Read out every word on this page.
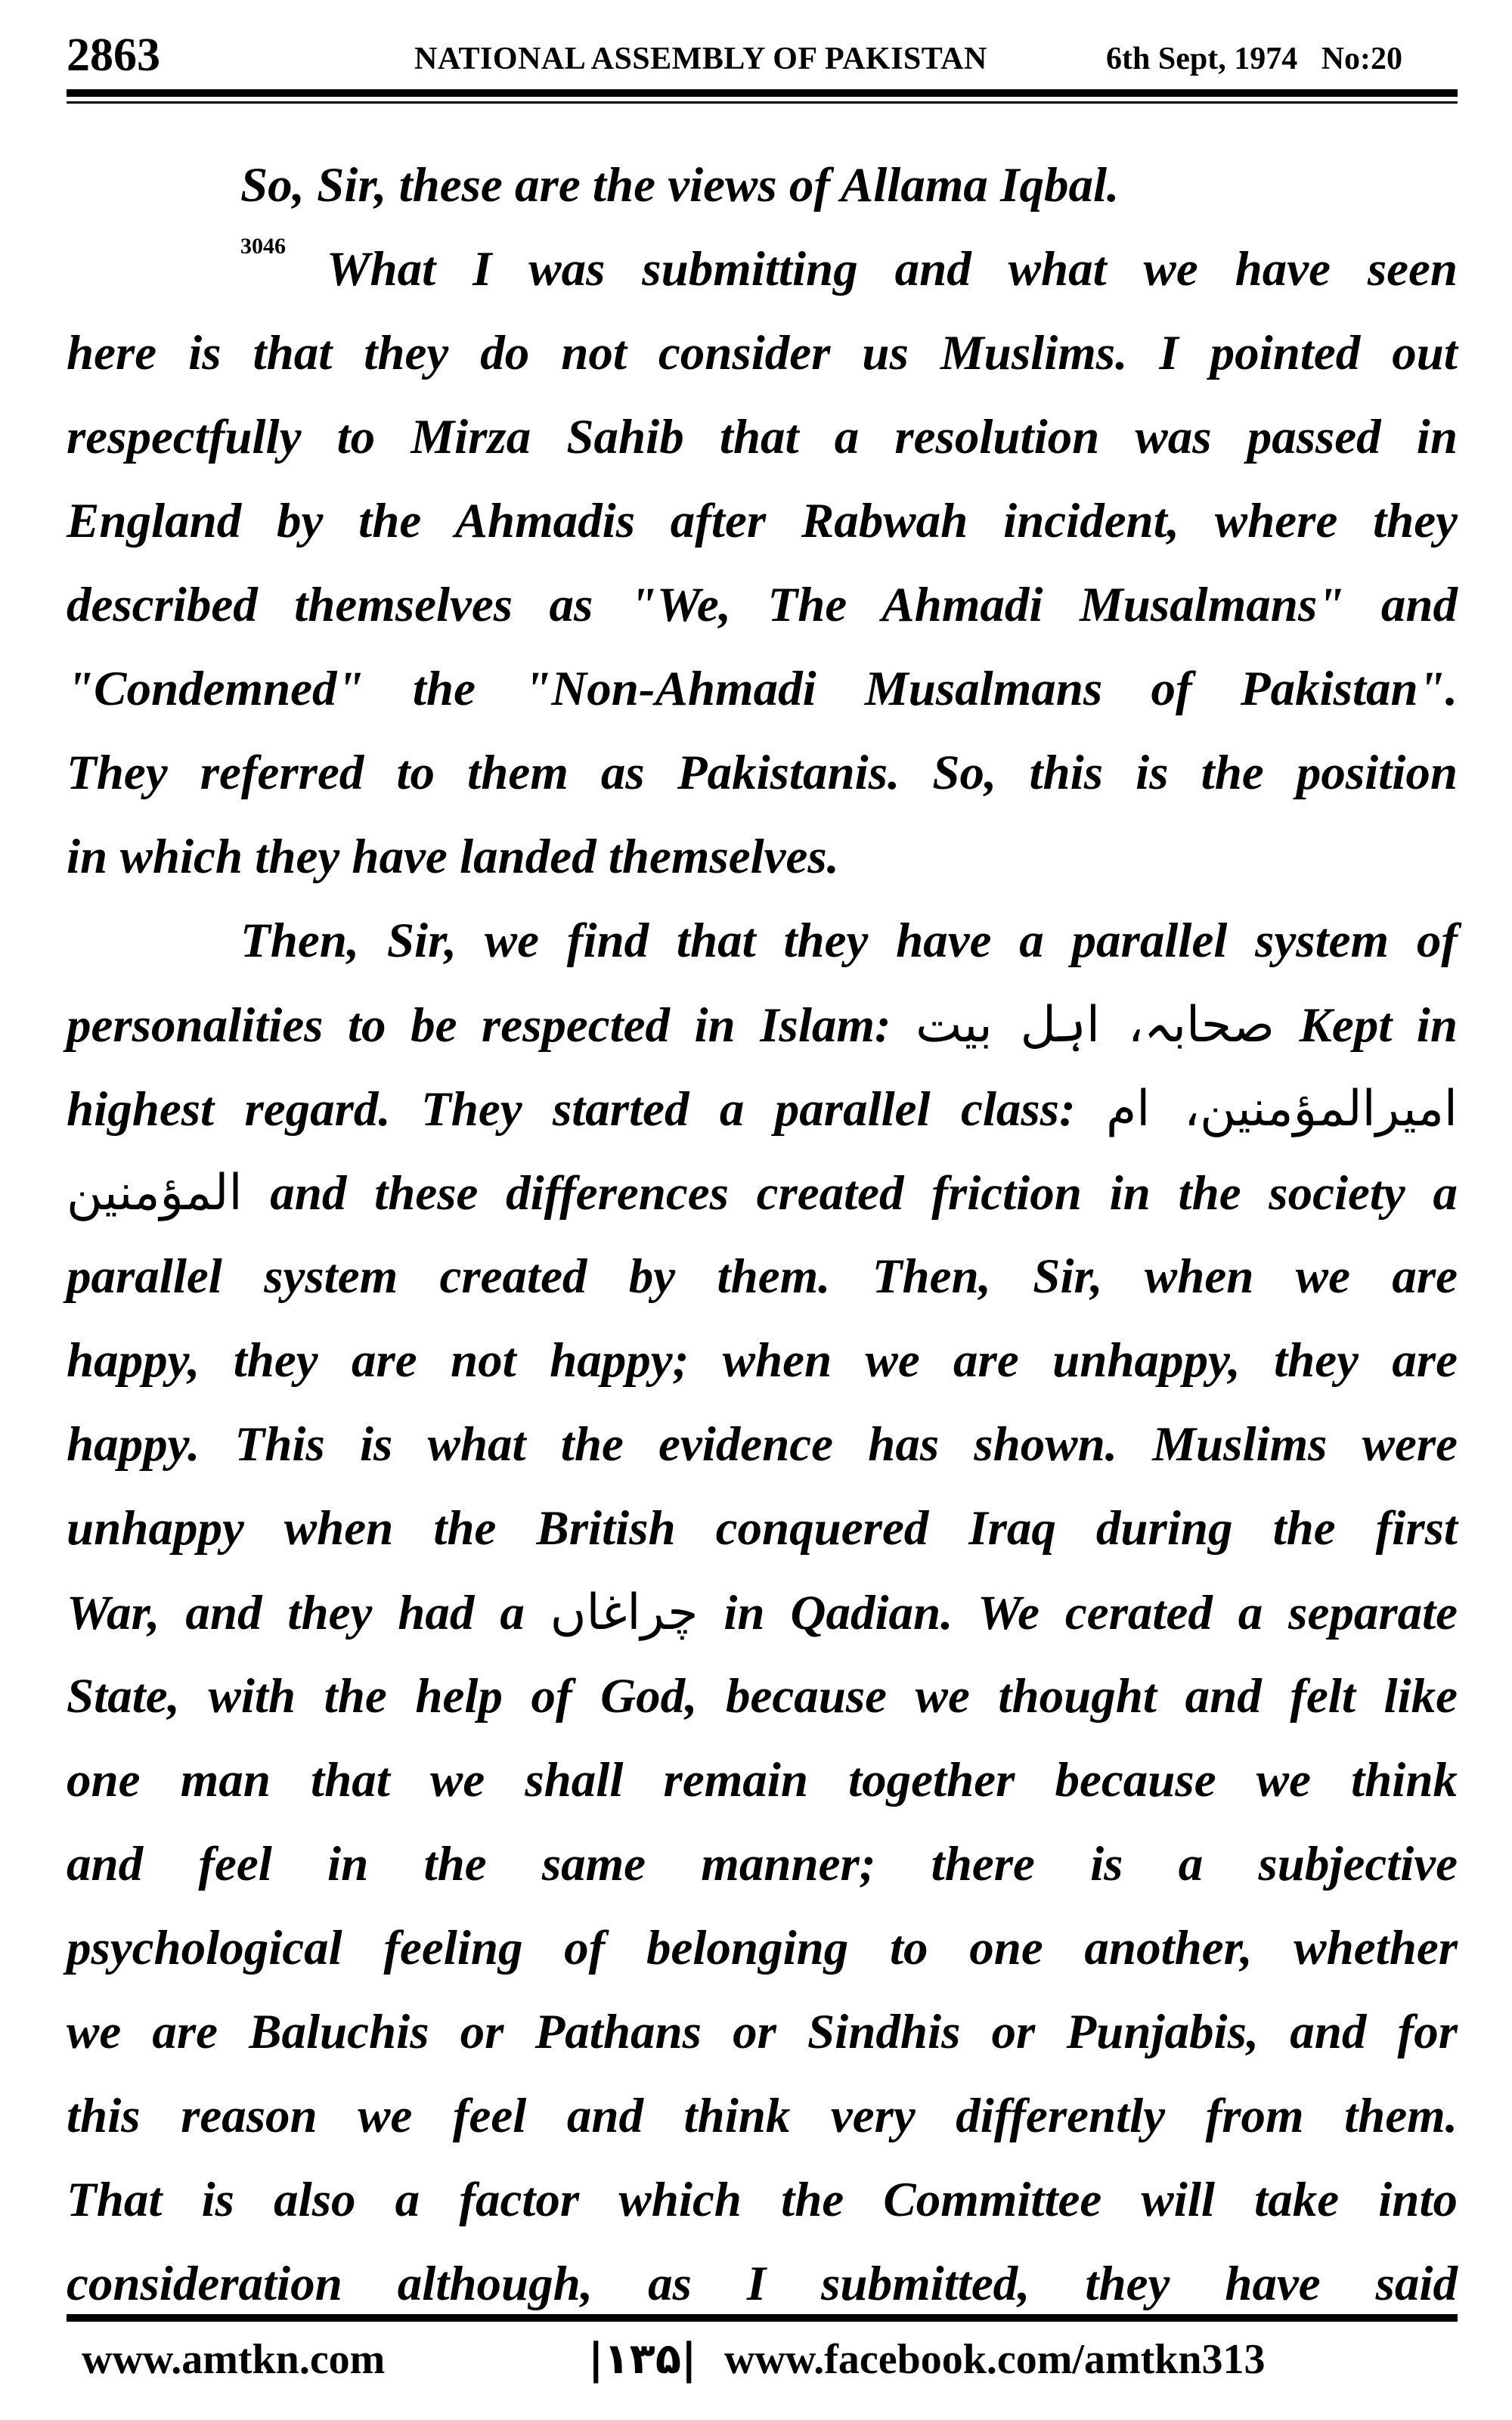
2863	NATIONAL ASSEMBLY OF PAKISTAN	6th Sept, 1974   No:20
So, Sir, these are the views of Allama Iqbal.
$^{3046}$ What I was submitting and what we have seen
here is that they do not consider us Muslims. I pointed out
respectfully to Mirza Sahib that a resolution was passed in
England by the Ahmadis after Rabwah incident, where they
described themselves as "We, The Ahmadi Musalmans" and
"Condemned" the "Non-Ahmadi Musalmans of Pakistan".
They referred to them as Pakistanis. So, this is the position
in which they have landed themselves.
Then, Sir, we find that they have a parallel system of
personalities to be respected in Islam: صحابہ، اہل بیت Kept in
highest regard. They started a parallel class: امیرالمؤمنین، ام
المؤمنین and these differences created friction in the society a
parallel system created by them. Then, Sir, when we are
happy, they are not happy; when we are unhappy, they are
happy. This is what the evidence has shown. Muslims were
unhappy when the British conquered Iraq during the first
War, and they had a چراغاں in Qadian. We cerated a separate
State, with the help of God, because we thought and felt like
one man that we shall remain together because we think
and feel in the same manner; there is a subjective
psychological feeling of belonging to one another, whether
we are Baluchis or Pathans or Sindhis or Punjabis, and for
this reason we feel and think very differently from them.
That is also a factor which the Committee will take into
consideration although, as I submitted, they have said
www.amtkn.com	|۱۳۵| www.facebook.com/amtkn313
